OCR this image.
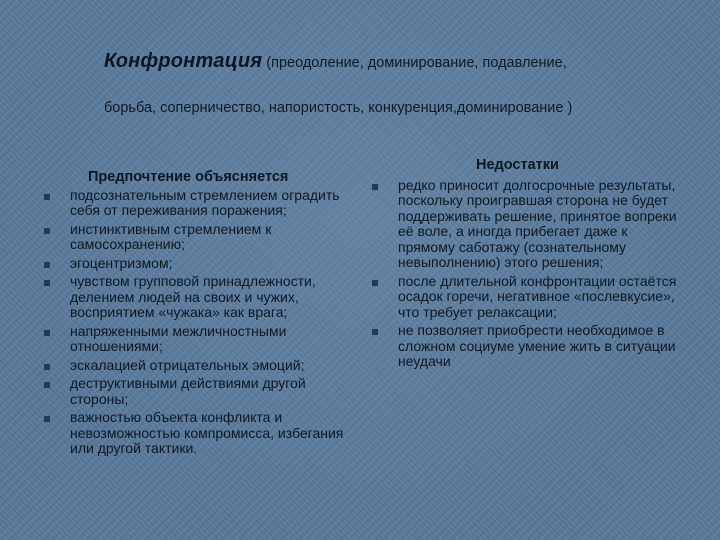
Конфронтация (преодоление, доминирование, подавление,
борьба, соперничество, напористость, конкуренция,доминирование )
Предпочтение объясняется
подсознательным стремлением оградить себя от переживания поражения;
инстинктивным стремлением к самосохранению;
эгоцентризмом;
чувством групповой принадлежности, делением людей на своих и чужих, восприятием «чужака» как врага;
напряженными межличностными отношениями;
эскалацией отрицательных эмоций;
деструктивными действиями другой стороны;
важностью объекта конфликта и невозможностью компромисса, избегания или другой тактики.
Недостатки
редко приносит долгосрочные результаты, поскольку проигравшая сторона не будет поддерживать решение, принятое вопреки её воле, а иногда прибегает даже к прямому саботажу (сознательному невыполнению) этого решения;
после длительной конфронтации остаётся осадок горечи, негативное «послевкусие», что требует релаксации;
не позволяет приобрести необходимое в сложном социуме умение жить в ситуации неудачи
